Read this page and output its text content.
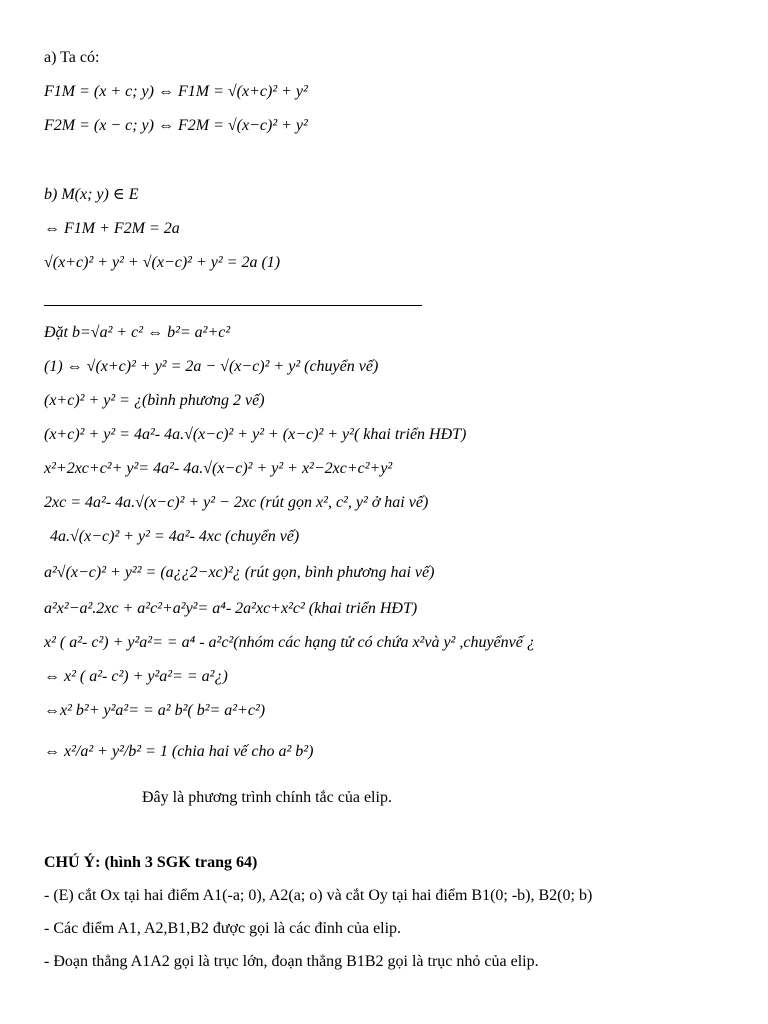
a) Ta có:
F1M = (x + c; y) ⇔ F1M = √(x+c)² + y²
F2M = (x − c; y) ⇔ F2M = √(x−c)² + y²
b) M(x; y) ∈ E
⇔ F1M + F2M = 2a
√(x+c)² + y² + √(x−c)² + y² = 2a (1)
Đặt b=√a² + c² ⇔ b²= a²+c²
(1) ⇔ √(x+c)² + y² = 2a − √(x−c)² + y² (chuyển vế)
(x+c)² + y² = ¿(bình phương 2 vế)
(x+c)² + y² = 4a²- 4a.√(x−c)² + y² + (x−c)² + y²( khai triển HĐT)
x²+2xc+c²+ y²= 4a²- 4a.√(x−c)² + y² + x²−2xc+c²+y²
2xc = 4a²- 4a.√(x−c)² + y² − 2xc (rút gọn x², c², y² ở hai vế)
4a.√(x−c)² + y² = 4a²- 4xc (chuyển vế)
a²√(x−c)² + y²² = (a¿¿2−xc)²¿ (rút gọn, bình phương hai vế)
a²x²−a².2xc + a²c²+a²y²= a⁴- 2a²xc+x²c² (khai triển HĐT)
x² ( a²- c²) + y²a²= = a⁴ - a²c²(nhóm các hạng tử có chứa x²và y² ,chuyểnvế ¿
⇔ x² ( a²- c²) + y²a²= = a²¿)
⇔x² b²+ y²a²= = a² b²( b²= a²+c²)
⇔ x²/a² + y²/b² = 1 (chia hai vế cho a² b²)
Đây là phương trình chính tắc của elip.
CHÚ Ý: (hình 3 SGK trang 64)
- (E) cắt Ox tại hai điểm A1(-a; 0), A2(a; o) và cắt Oy tại hai điểm B1(0; -b), B2(0; b)
- Các điểm A1, A2,B1,B2 được gọi là các đỉnh của elip.
- Đoạn thẳng A1A2 gọi là trục lớn, đoạn thẳng B1B2 gọi là trục nhỏ của elip.
